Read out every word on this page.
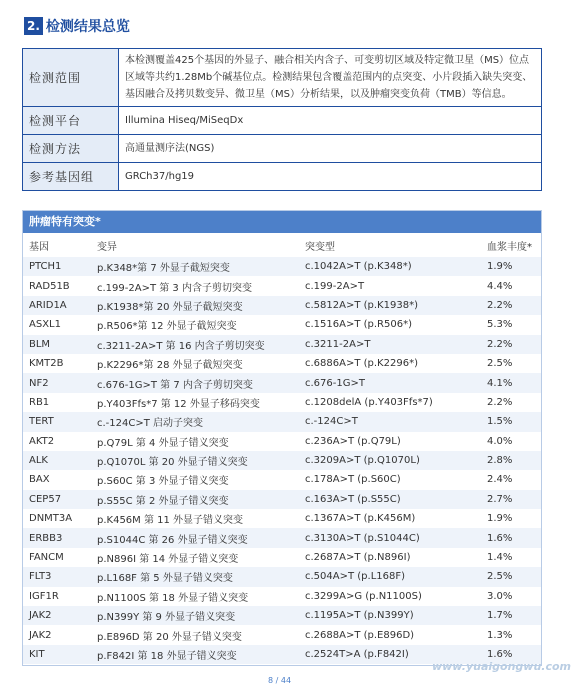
2. 检测结果总览
检测范围	本检测覆盖425个基因的外显子、融合相关内含子、可变剪切区域及特定微卫星（MS）位点区域等共约1.28Mb个碱基位点。检测结果包含覆盖范围内的点突变、小片段插入缺失突变、基因融合及拷贝数变异、微卫星（MS）分析结果，以及肿瘤突变负荷（TMB）等信息。
检测平台	Illumina Hiseq/MiSeqDx
检测方法	高通量测序法(NGS)
参考基因组	GRCh37/hg19
肿瘤特有突变*
基因	变异	突变型	血浆丰度*
PTCH1	p.K348*第 7 外显子截短突变	c.1042A>T (p.K348*)	1.9%
RAD51B	c.199-2A>T 第 3 内含子剪切突变	c.199-2A>T	4.4%
ARID1A	p.K1938*第 20 外显子截短突变	c.5812A>T (p.K1938*)	2.2%
ASXL1	p.R506*第 12 外显子截短突变	c.1516A>T (p.R506*)	5.3%
BLM	c.3211-2A>T 第 16 内含子剪切突变	c.3211-2A>T	2.2%
KMT2B	p.K2296*第 28 外显子截短突变	c.6886A>T (p.K2296*)	2.5%
NF2	c.676-1G>T 第 7 内含子剪切突变	c.676-1G>T	4.1%
RB1	p.Y403Ffs*7 第 12 外显子移码突变	c.1208delA (p.Y403Ffs*7)	2.2%
TERT	c.-124C>T 启动子突变	c.-124C>T	1.5%
AKT2	p.Q79L 第 4 外显子错义突变	c.236A>T (p.Q79L)	4.0%
ALK	p.Q1070L 第 20 外显子错义突变	c.3209A>T (p.Q1070L)	2.8%
BAX	p.S60C 第 3 外显子错义突变	c.178A>T (p.S60C)	2.4%
CEP57	p.S55C 第 2 外显子错义突变	c.163A>T (p.S55C)	2.7%
DNMT3A	p.K456M 第 11 外显子错义突变	c.1367A>T (p.K456M)	1.9%
ERBB3	p.S1044C 第 26 外显子错义突变	c.3130A>T (p.S1044C)	1.6%
FANCM	p.N896I 第 14 外显子错义突变	c.2687A>T (p.N896I)	1.4%
FLT3	p.L168F 第 5 外显子错义突变	c.504A>T (p.L168F)	2.5%
IGF1R	p.N1100S 第 18 外显子错义突变	c.3299A>G (p.N1100S)	3.0%
JAK2	p.N399Y 第 9 外显子错义突变	c.1195A>T (p.N399Y)	1.7%
JAK2	p.E896D 第 20 外显子错义突变	c.2688A>T (p.E896D)	1.3%
KIT	p.F842I 第 18 外显子错义突变	c.2524T>A (p.F842I)	1.6%
8 / 44
www.yuaigongwu.com
